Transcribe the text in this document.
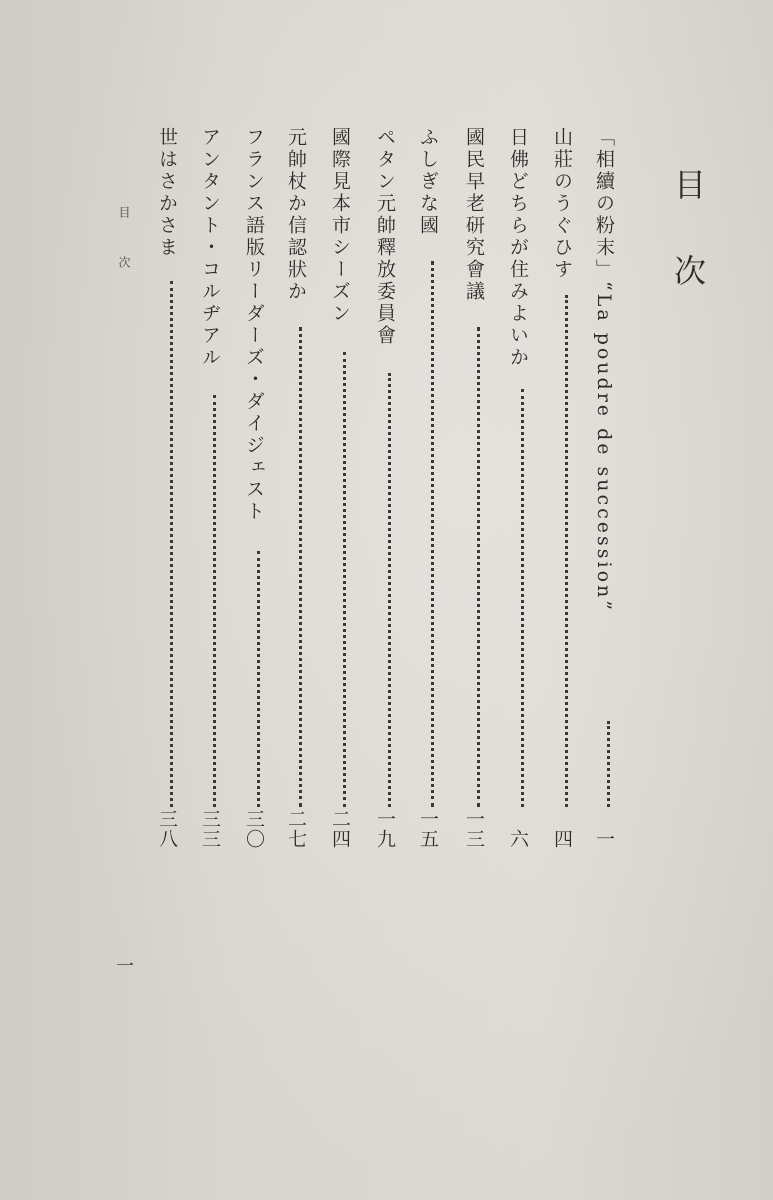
目次
「相續の粉末」“La poudre de succession”
一
山莊のうぐひす
四
日佛どちらが住みよいか
六
國民早老研究會議
一三
ふしぎな國
一五
ペタン元帥釋放委員會
一九
國際見本市シーズン
二四
元帥杖か信認狀か
二七
フランス語版リーダーズ・ダイジェスト
三〇
アンタント・コルヂアル
三三
世はさかさま
三八
目次
一
